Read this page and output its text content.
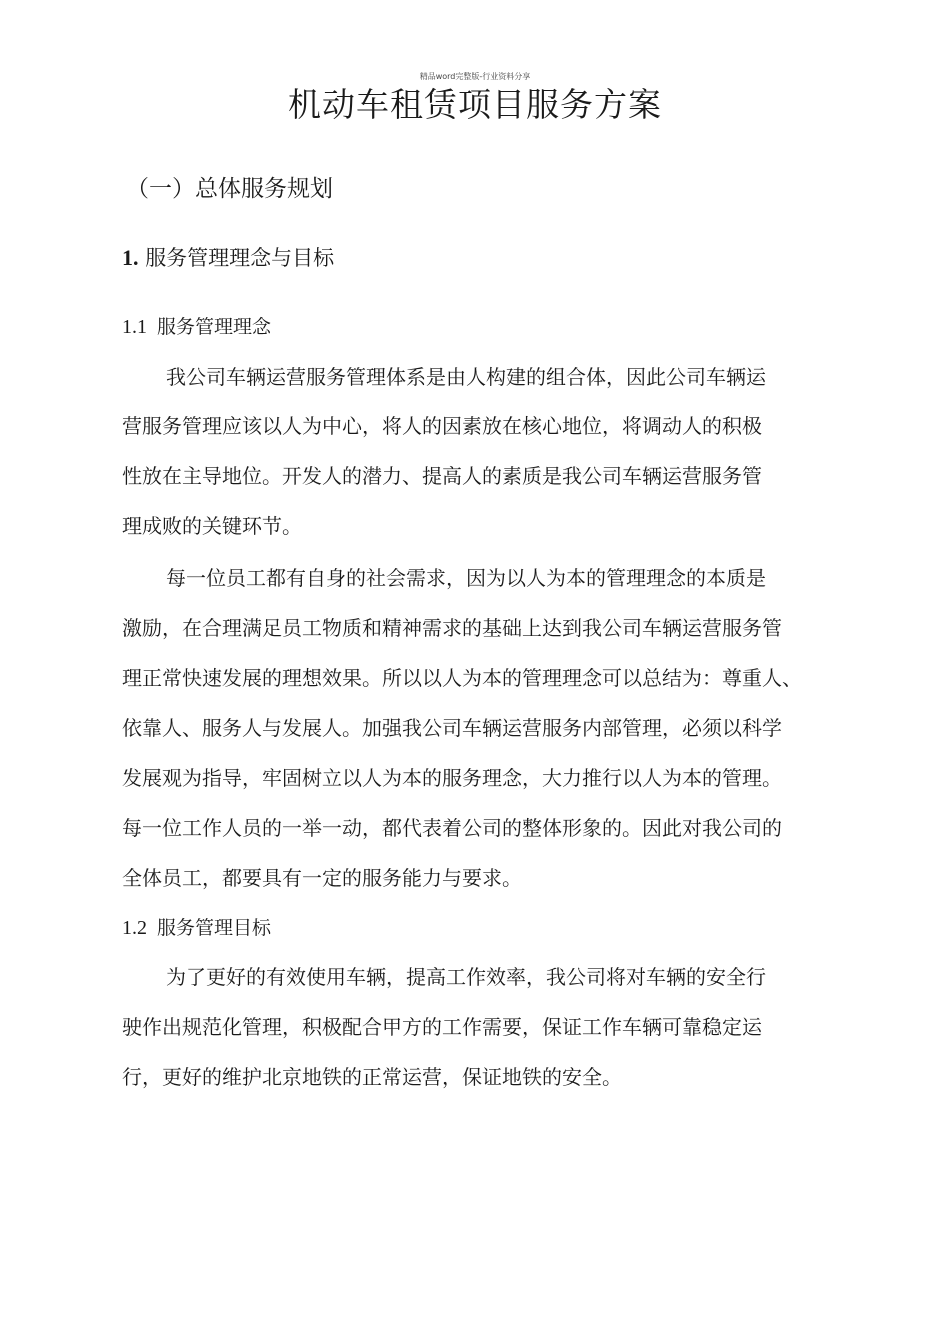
精品word完整版-行业资料分享
机动车租赁项目服务方案
（一）总体服务规划
1. 服务管理理念与目标
1.1 服务管理理念
我公司车辆运营服务管理体系是由人构建的组合体，因此公司车辆运
营服务管理应该以人为中心，将人的因素放在核心地位，将调动人的积极
性放在主导地位。开发人的潜力、提高人的素质是我公司车辆运营服务管
理成败的关键环节。
每一位员工都有自身的社会需求，因为以人为本的管理理念的本质是
激励，在合理满足员工物质和精神需求的基础上达到我公司车辆运营服务管
理正常快速发展的理想效果。所以以人为本的管理理念可以总结为：尊重人、
依靠人、服务人与发展人。加强我公司车辆运营服务内部管理，必须以科学
发展观为指导，牢固树立以人为本的服务理念，大力推行以人为本的管理。
每一位工作人员的一举一动，都代表着公司的整体形象的。因此对我公司的
全体员工，都要具有一定的服务能力与要求。
1.2 服务管理目标
为了更好的有效使用车辆，提高工作效率，我公司将对车辆的安全行
驶作出规范化管理，积极配合甲方的工作需要，保证工作车辆可靠稳定运
行，更好的维护北京地铁的正常运营，保证地铁的安全。
